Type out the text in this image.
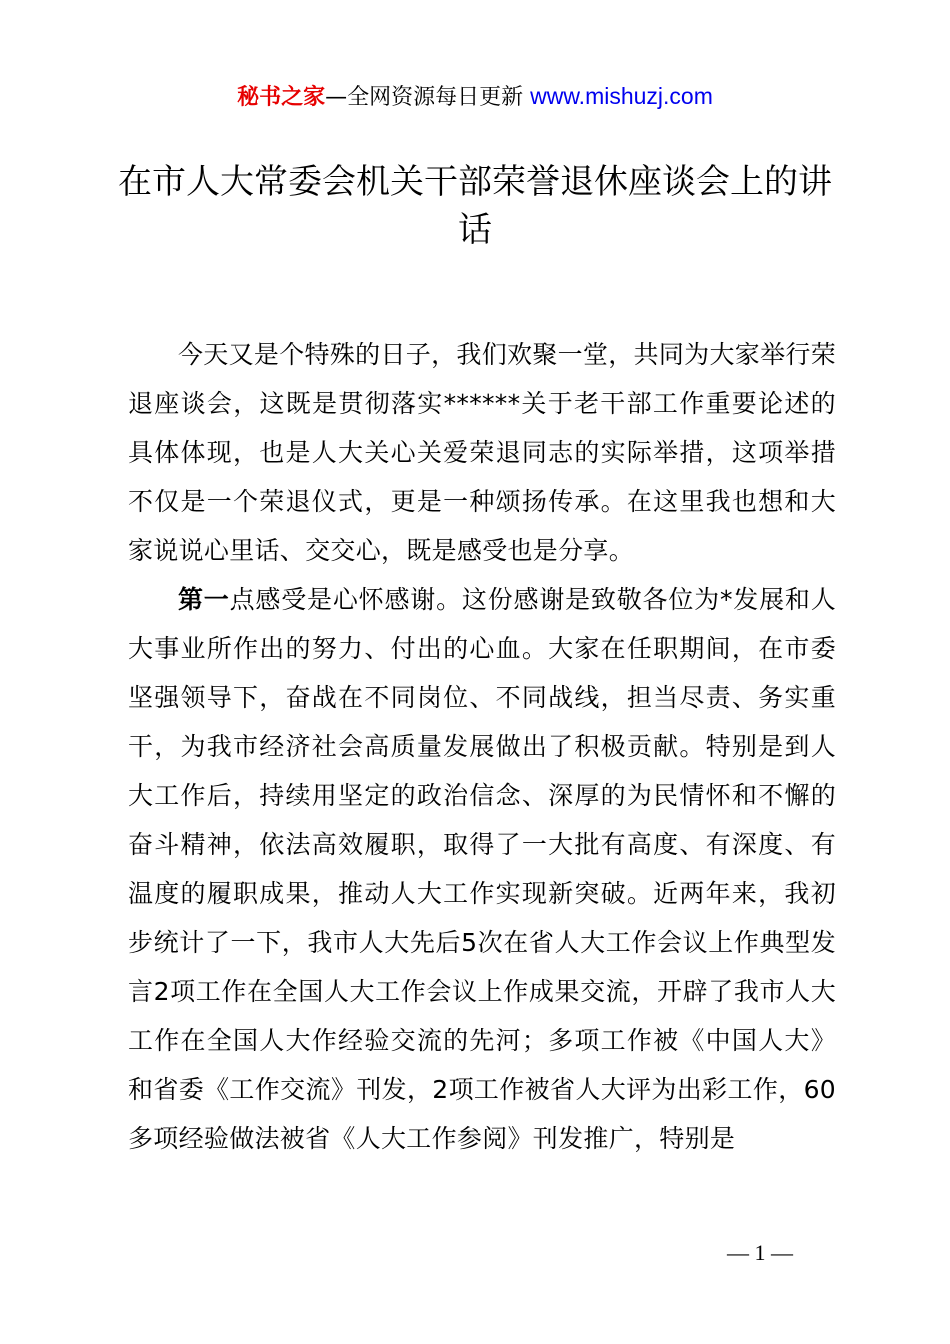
秘书之家—全网资源每日更新 www.mishuzj.com
在市人大常委会机关干部荣誉退休座谈会上的讲话

今天又是个特殊的日子，我们欢聚一堂，共同为大家举行荣退座谈会，这既是贯彻落实******关于老干部工作重要论述的具体体现，也是人大关心关爱荣退同志的实际举措，这项举措不仅是一个荣退仪式，更是一种颂扬传承。在这里我也想和大家说说心里话、交交心，既是感受也是分享。

第一点感受是心怀感谢。这份感谢是致敬各位为*发展和人大事业所作出的努力、付出的心血。大家在任职期间，在市委坚强领导下，奋战在不同岗位、不同战线，担当尽责、务实重干，为我市经济社会高质量发展做出了积极贡献。特别是到人大工作后，持续用坚定的政治信念、深厚的为民情怀和不懈的奋斗精神，依法高效履职，取得了一大批有高度、有深度、有温度的履职成果，推动人大工作实现新突破。近两年来，我初步统计了一下，我市人大先后5次在省人大工作会议上作典型发言2项工作在全国人大工作会议上作成果交流，开辟了我市人大工作在全国人大作经验交流的先河；多项工作被《中国人大》和省委《工作交流》刊发，2项工作被省人大评为出彩工作，60多项经验做法被省《人大工作参阅》刊发推广，特别是

— 1 —
